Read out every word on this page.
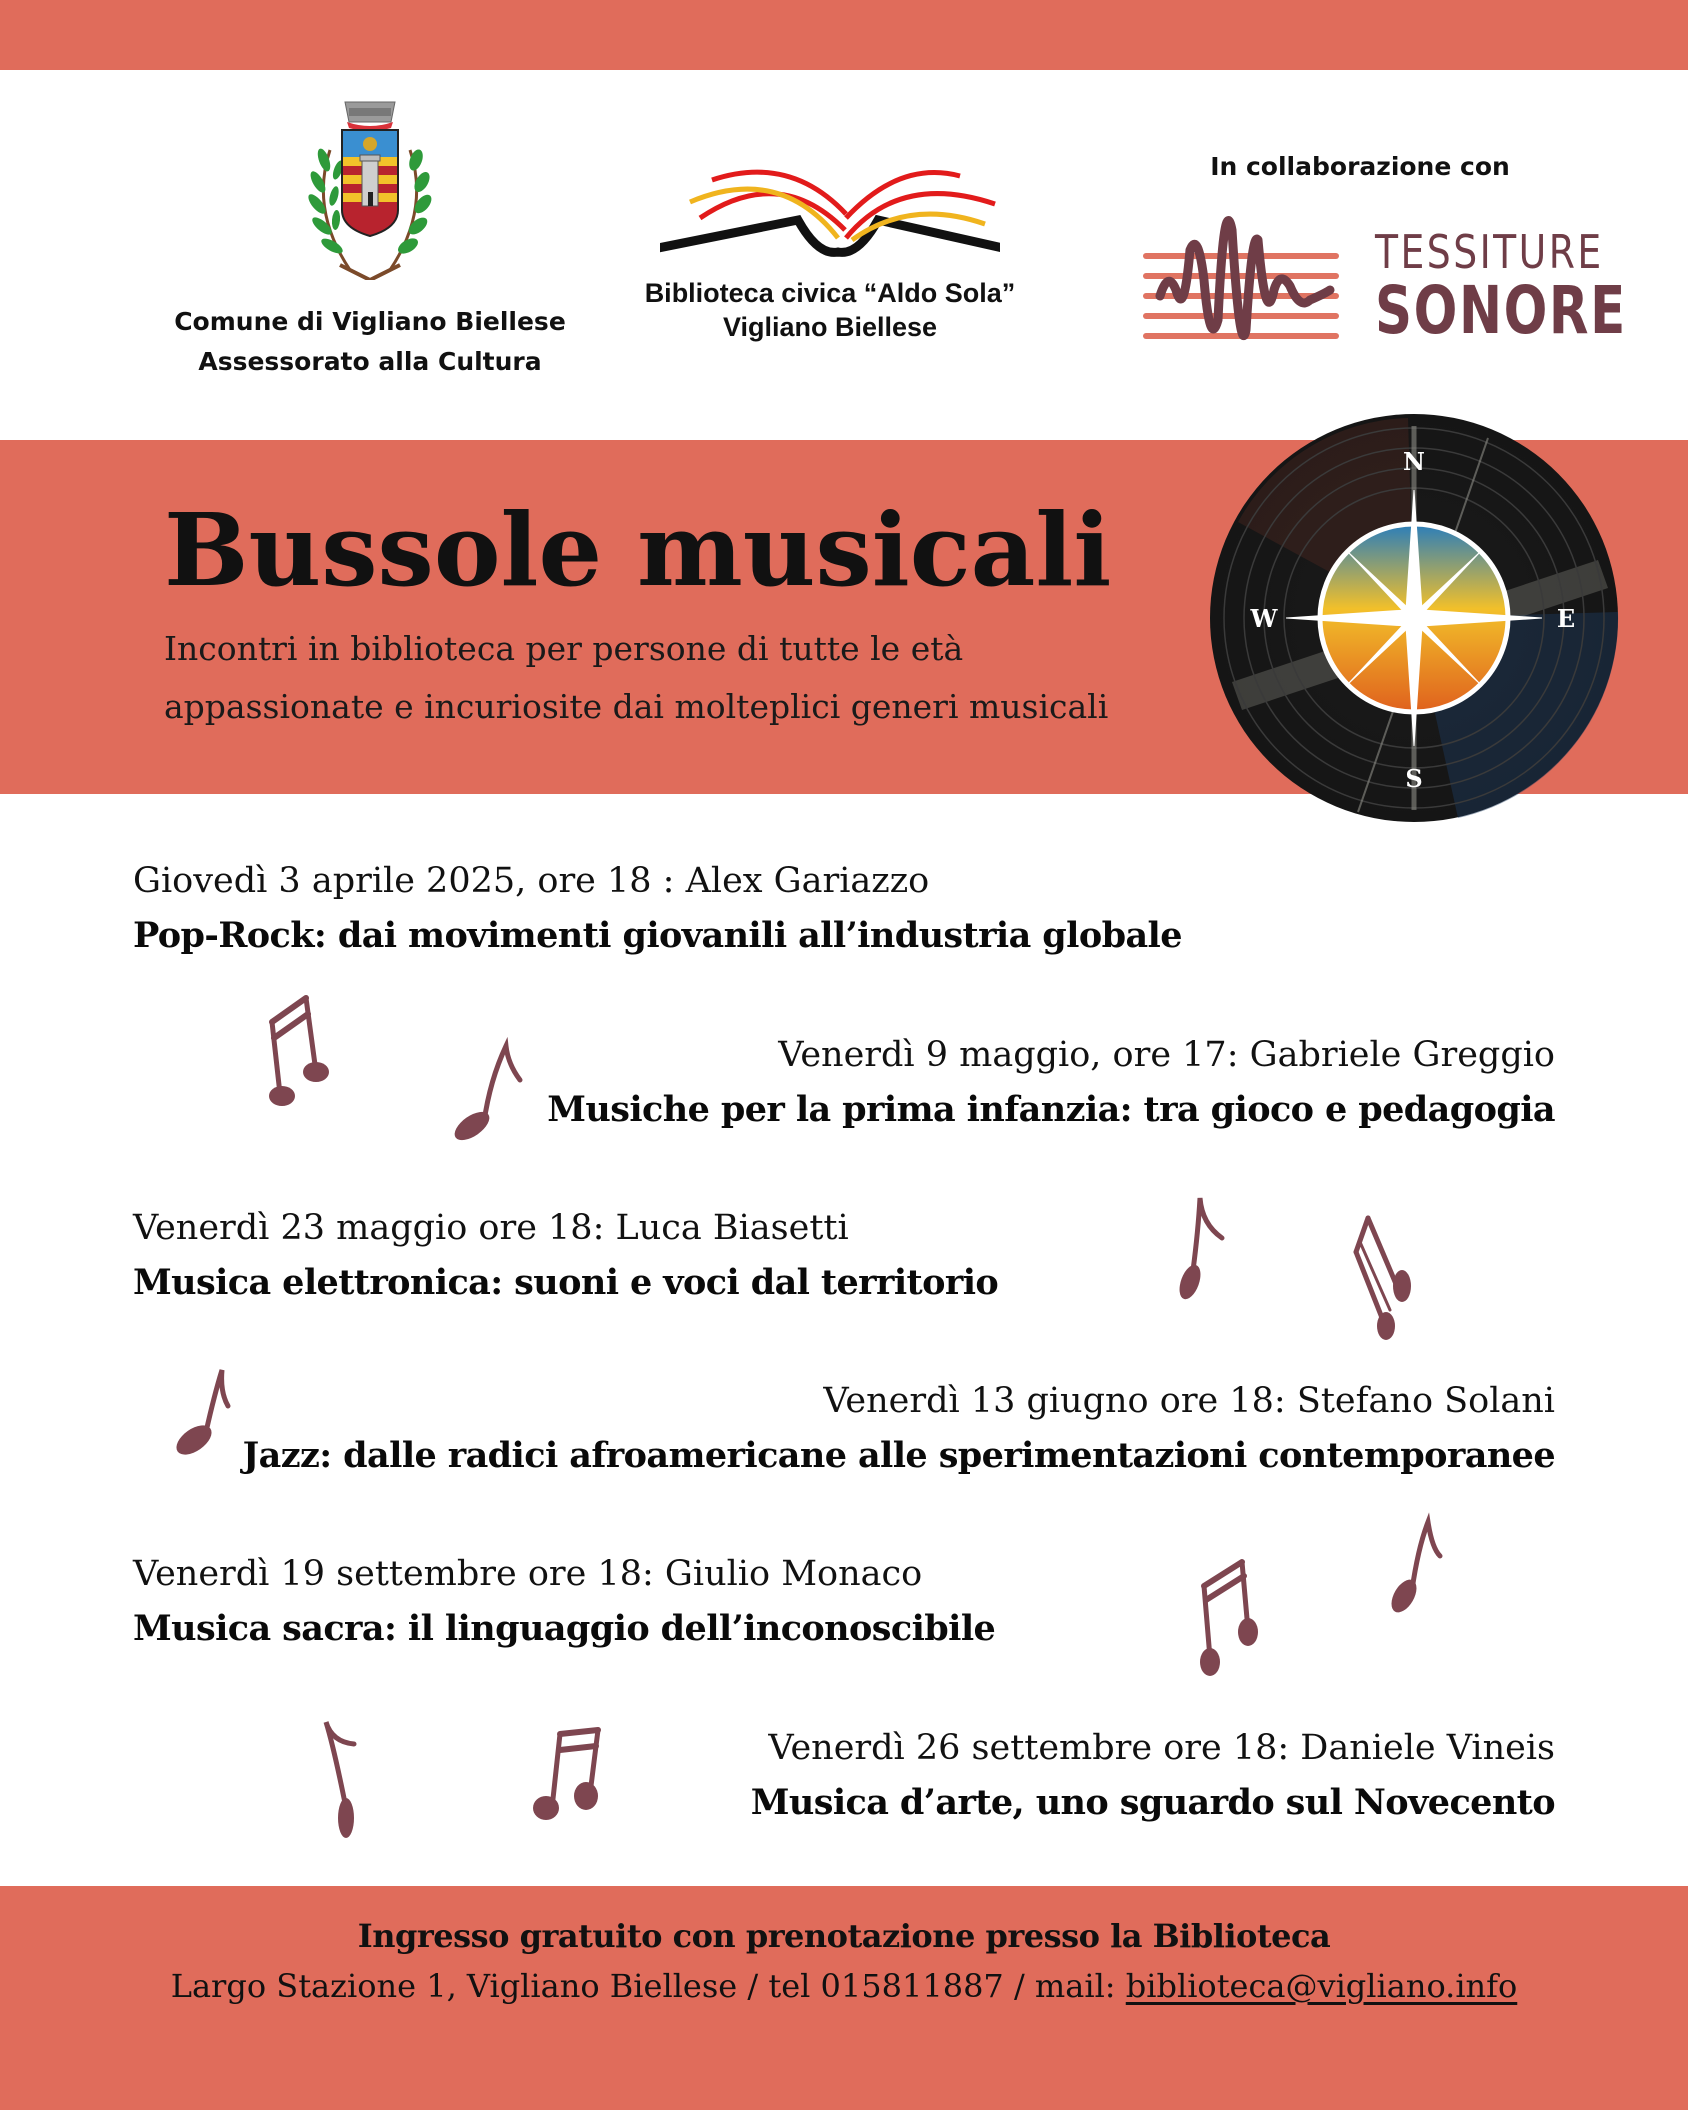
Comune di Vigliano Biellese
Assessorato alla Cultura
Biblioteca civica “Aldo Sola”
Vigliano Biellese
In collaborazione con
TESSITURE
SONORE
Bussole musicali
Incontri in biblioteca per persone di tutte le età
appassionate e incuriosite dai molteplici generi musicali
N
S
E
W
Giovedì 3 aprile 2025, ore 18 : Alex Gariazzo
Pop-Rock: dai movimenti giovanili all’industria globale
Venerdì 9 maggio, ore 17: Gabriele Greggio
Musiche per la prima infanzia: tra gioco e pedagogia
Venerdì 23 maggio ore 18: Luca Biasetti
Musica elettronica: suoni e voci dal territorio
Venerdì 13 giugno ore 18: Stefano Solani
Jazz: dalle radici afroamericane alle sperimentazioni contemporanee
Venerdì 19 settembre ore 18: Giulio Monaco
Musica sacra: il linguaggio dell’inconoscibile
Venerdì 26 settembre ore 18: Daniele Vineis
Musica d’arte, uno sguardo sul Novecento
Ingresso gratuito con prenotazione presso la Biblioteca
Largo Stazione 1, Vigliano Biellese / tel 015811887 / mail: biblioteca@vigliano.info
